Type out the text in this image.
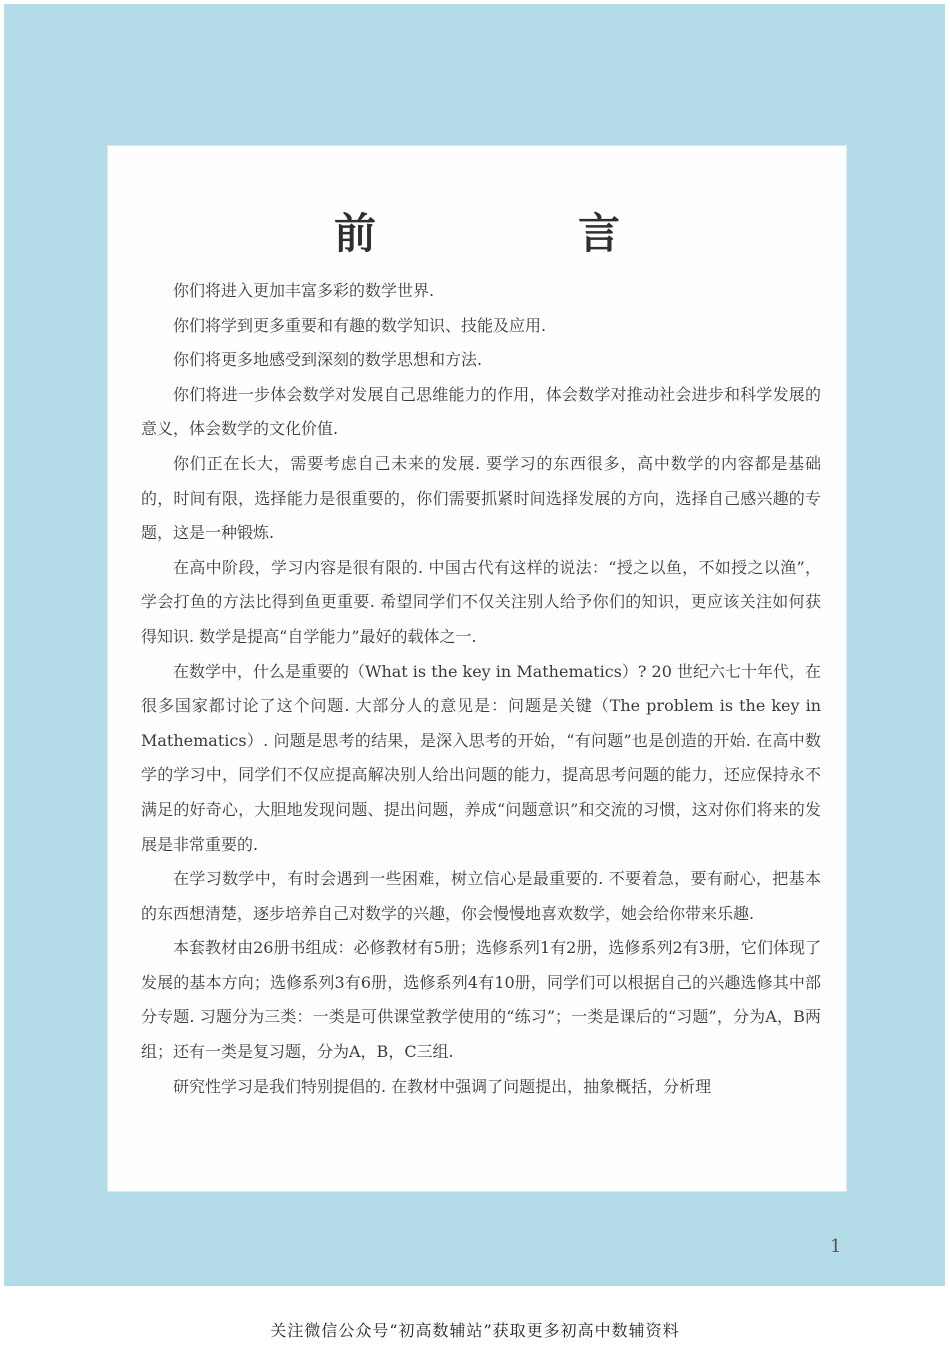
前　言

你们将进入更加丰富多彩的数学世界.

你们将学到更多重要和有趣的数学知识、技能及应用.

你们将更多地感受到深刻的数学思想和方法.

你们将进一步体会数学对发展自己思维能力的作用，体会数学对推动社会进步和科学发展的意义，体会数学的文化价值.

你们正在长大，需要考虑自己未来的发展. 要学习的东西很多，高中数学的内容都是基础的，时间有限，选择能力是很重要的，你们需要抓紧时间选择发展的方向，选择自己感兴趣的专题，这是一种锻炼.

在高中阶段，学习内容是很有限的. 中国古代有这样的说法：“授之以鱼，不如授之以渔”，学会打鱼的方法比得到鱼更重要. 希望同学们不仅关注别人给予你们的知识，更应该关注如何获得知识. 数学是提高“自学能力”最好的载体之一.

在数学中，什么是重要的（What is the key in Mathematics）? 20 世纪六七十年代，在很多国家都讨论了这个问题. 大部分人的意见是：问题是关键（The problem is the key in Mathematics）. 问题是思考的结果，是深入思考的开始，“有问题”也是创造的开始. 在高中数学的学习中，同学们不仅应提高解决别人给出问题的能力，提高思考问题的能力，还应保持永不满足的好奇心，大胆地发现问题、提出问题，养成“问题意识”和交流的习惯，这对你们将来的发展是非常重要的.

在学习数学中，有时会遇到一些困难，树立信心是最重要的. 不要着急，要有耐心，把基本的东西想清楚，逐步培养自己对数学的兴趣，你会慢慢地喜欢数学，她会给你带来乐趣.

本套教材由26册书组成：必修教材有5册；选修系列1有2册，选修系列2有3册，它们体现了发展的基本方向；选修系列3有6册，选修系列4有10册，同学们可以根据自己的兴趣选修其中部分专题. 习题分为三类：一类是可供课堂教学使用的“练习”；一类是课后的“习题”，分为A，B两组；还有一类是复习题，分为A，B，C三组.

研究性学习是我们特别提倡的. 在教材中强调了问题提出，抽象概括，分析理

1
关注微信公众号“初高数辅站”获取更多初高中数辅资料
